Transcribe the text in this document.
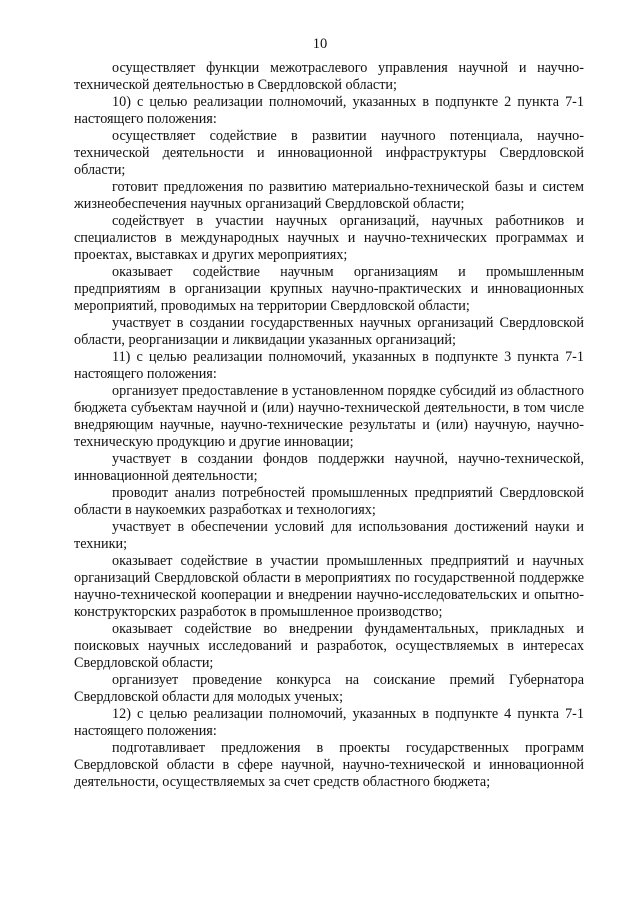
10

осуществляет функции межотраслевого управления научной и научно-технической деятельностью в Свердловской области;

10) с целью реализации полномочий, указанных в подпункте 2 пункта 7-1 настоящего положения:

осуществляет содействие в развитии научного потенциала, научно-технической деятельности и инновационной инфраструктуры Свердловской области;

готовит предложения по развитию материально-технической базы и систем жизнеобеспечения научных организаций Свердловской области;

содействует в участии научных организаций, научных работников и специалистов в международных научных и научно-технических программах и проектах, выставках и других мероприятиях;

оказывает содействие научным организациям и промышленным предприятиям в организации крупных научно-практических и инновационных мероприятий, проводимых на территории Свердловской области;

участвует в создании государственных научных организаций Свердловской области, реорганизации и ликвидации указанных организаций;

11) с целью реализации полномочий, указанных в подпункте 3 пункта 7-1 настоящего положения:

организует предоставление в установленном порядке субсидий из областного бюджета субъектам научной и (или) научно-технической деятельности, в том числе внедряющим научные, научно-технические результаты и (или) научную, научно-техническую продукцию и другие инновации;

участвует в создании фондов поддержки научной, научно-технической, инновационной деятельности;

проводит анализ потребностей промышленных предприятий Свердловской области в наукоемких разработках и технологиях;

участвует в обеспечении условий для использования достижений науки и техники;

оказывает содействие в участии промышленных предприятий и научных организаций Свердловской области в мероприятиях по государственной поддержке научно-технической кооперации и внедрении научно-исследовательских и опытно-конструкторских разработок в промышленное производство;

оказывает содействие во внедрении фундаментальных, прикладных и поисковых научных исследований и разработок, осуществляемых в интересах Свердловской области;

организует проведение конкурса на соискание премий Губернатора Свердловской области для молодых ученых;

12) с целью реализации полномочий, указанных в подпункте 4 пункта 7-1 настоящего положения:

подготавливает предложения в проекты государственных программ Свердловской области в сфере научной, научно-технической и инновационной деятельности, осуществляемых за счет средств областного бюджета;
